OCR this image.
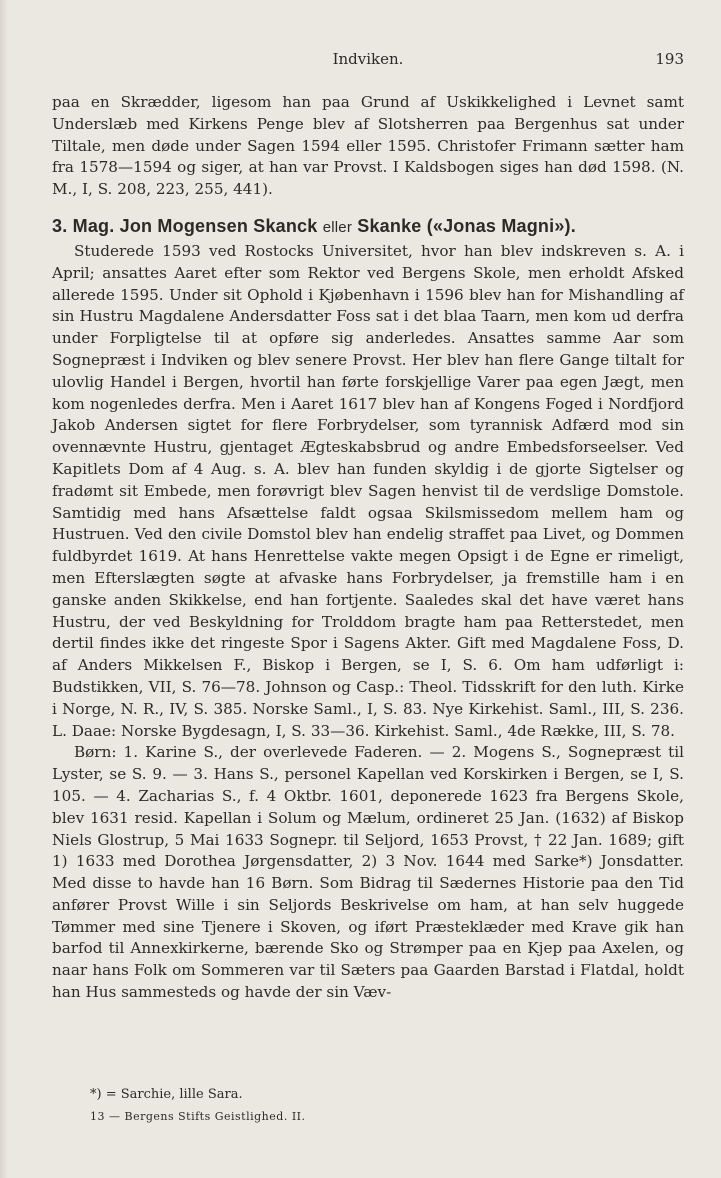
Indviken.	193

paa en Skrædder, ligesom han paa Grund af Uskikkelighed i Levnet samt Underslæb med Kirkens Penge blev af Slotsherren paa Bergenhus sat under Tiltale, men døde under Sagen 1594 eller 1595. Christofer Frimann sætter ham fra 1578—1594 og siger, at han var Provst. I Kaldsbogen siges han død 1598. (N. M., I, S. 208, 223, 255, 441).

3. Mag. Jon Mogensen Skanck eller Skanke («Jonas Magni»).

Studerede 1593 ved Rostocks Universitet, hvor han blev indskreven s. A. i April; ansattes Aaret efter som Rektor ved Bergens Skole, men erholdt Afsked allerede 1595. Under sit Ophold i Kjøbenhavn i 1596 blev han for Mishandling af sin Hustru Magdalene Andersdatter Foss sat i det blaa Taarn, men kom ud derfra under Forpligtelse til at opføre sig anderledes. Ansattes samme Aar som Sognepræst i Indviken og blev senere Provst. Her blev han flere Gange tiltalt for ulovlig Handel i Bergen, hvortil han førte forskjellige Varer paa egen Jægt, men kom nogenledes derfra. Men i Aaret 1617 blev han af Kongens Foged i Nordfjord Jakob Andersen sigtet for flere Forbrydelser, som tyrannisk Adfærd mod sin ovennævnte Hustru, gjentaget Ægteskabsbrud og andre Embedsforseelser. Ved Kapitlets Dom af 4 Aug. s. A. blev han funden skyldig i de gjorte Sigtelser og fradømt sit Embede, men forøvrigt blev Sagen henvist til de verdslige Domstole. Samtidig med hans Afsættelse faldt ogsaa Skilsmissedom mellem ham og Hustruen. Ved den civile Domstol blev han endelig straffet paa Livet, og Dommen fuldbyrdet 1619. At hans Henrettelse vakte megen Opsigt i de Egne er rimeligt, men Efterslægten søgte at afvaske hans Forbrydelser, ja fremstille ham i en ganske anden Skikkelse, end han fortjente. Saaledes skal det have været hans Hustru, der ved Beskyldning for Trolddom bragte ham paa Retterstedet, men dertil findes ikke det ringeste Spor i Sagens Akter. Gift med Magdalene Foss, D. af Anders Mikkelsen F., Biskop i Bergen, se I, S. 6. Om ham udførligt i: Budstikken, VII, S. 76—78. Johnson og Casp.: Theol. Tidsskrift for den luth. Kirke i Norge, N. R., IV, S. 385. Norske Saml., I, S. 83. Nye Kirkehist. Saml., III, S. 236. L. Daae: Norske Bygdesagn, I, S. 33—36. Kirkehist. Saml., 4de Række, III, S. 78.

Børn: 1. Karine S., der overlevede Faderen. — 2. Mogens S., Sognepræst til Lyster, se S. 9. — 3. Hans S., personel Kapellan ved Korskirken i Bergen, se I, S. 105. — 4. Zacharias S., f. 4 Oktbr. 1601, deponerede 1623 fra Bergens Skole, blev 1631 resid. Kapellan i Solum og Mælum, ordineret 25 Jan. (1632) af Biskop Niels Glostrup, 5 Mai 1633 Sognepr. til Seljord, 1653 Provst, † 22 Jan. 1689; gift 1) 1633 med Dorothea Jørgensdatter, 2) 3 Nov. 1644 med Sarke*) Jonsdatter. Med disse to havde han 16 Børn. Som Bidrag til Sædernes Historie paa den Tid anfører Provst Wille i sin Seljords Beskrivelse om ham, at han selv huggede Tømmer med sine Tjenere i Skoven, og iført Præsteklæder med Krave gik han barfod til Annexkirkerne, bærende Sko og Strømper paa en Kjep paa Axelen, og naar hans Folk om Sommeren var til Sæters paa Gaarden Barstad i Flatdal, holdt han Hus sammesteds og havde der sin Væv-

*) = Sarchie, lille Sara.
13 — Bergens Stifts Geistlighed. II.
